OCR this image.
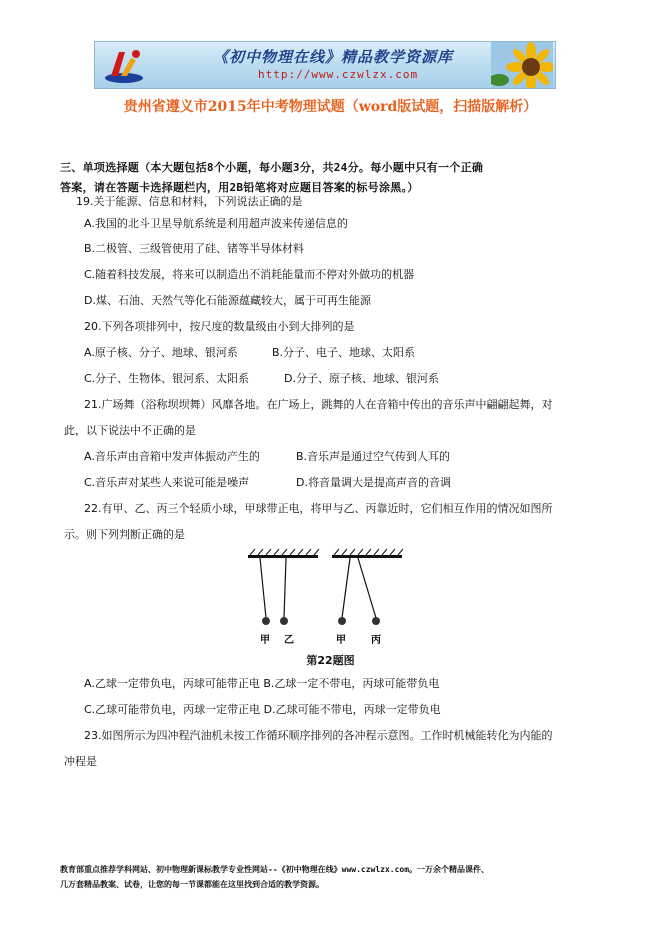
《初中物理在线》精品教学资源库
http://www.czwlzx.com
贵州省遵义市2015年中考物理试题（word版试题，扫描版解析）
三、单项选择题（本大题包括8个小题，每小题3分，共24分。每小题中只有一个正确
答案，请在答题卡选择题栏内，用2B铅笔将对应题目答案的标号涂黑。）
19.关于能源、信息和材料，下列说法正确的是
A.我国的北斗卫星导航系统是利用超声波来传递信息的
B.二极管、三级管使用了硅、锗等半导体材料
C.随着科技发展，将来可以制造出不消耗能量而不停对外做功的机器
D.煤、石油、天然气等化石能源蕴藏较大，属于可再生能源
20.下列各项排列中，按尺度的数量级由小到大排列的是
A.原子核、分子、地球、银河系	B.分子、电子、地球、太阳系
C.分子、生物体、银河系、太阳系	D.分子、原子核、地球、银河系
21.广场舞（浴称坝坝舞）风靡各地。在广场上，跳舞的人在音箱中传出的音乐声中翩翩起舞，对
此，以下说法中不正确的是
A.音乐声由音箱中发声体振动产生的	B.音乐声是通过空气传到人耳的
C.音乐声对某些人来说可能是噪声	D.将音量调大是提高声音的音调
22.有甲、乙、丙三个轻质小球，甲球带正电，将甲与乙、丙靠近时，它们相互作用的情况如图所
示。则下列判断正确的是
甲 乙	甲	丙
第22题图
A.乙球一定带负电，丙球可能带正电 B.乙球一定不带电，丙球可能带负电
C.乙球可能带负电，丙球一定带正电 D.乙球可能不带电，丙球一定带负电
23.如图所示为四冲程汽油机未按工作循环顺序排列的各冲程示意图。工作时机械能转化为内能的
冲程是
教育部重点推荐学科网站、初中物理新课标教学专业性网站--《初中物理在线》www.czwlzx.com。一万余个精品课件、
几万套精品教案、试卷，让您的每一节课都能在这里找到合适的教学资源。
